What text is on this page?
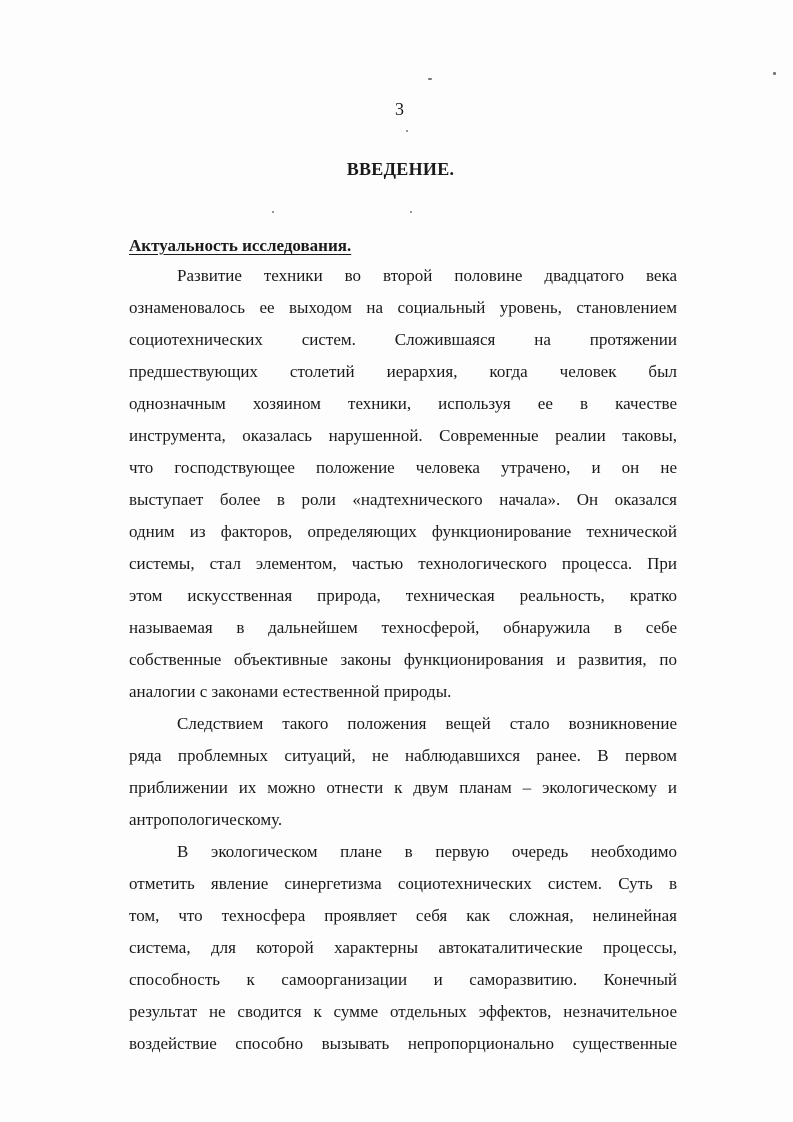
3
ВВЕДЕНИЕ.
Актуальность исследования.
Развитие техники во второй половине двадцатого века
ознаменовалось ее выходом на социальный уровень, становлением
социотехнических систем. Сложившаяся на протяжении
предшествующих столетий иерархия, когда человек был
однозначным хозяином техники, используя ее в качестве
инструмента, оказалась нарушенной. Современные реалии таковы,
что господствующее положение человека утрачено, и он не
выступает более в роли «надтехнического начала». Он оказался
одним из факторов, определяющих функционирование технической
системы, стал элементом, частью технологического процесса. При
этом искусственная природа, техническая реальность, кратко
называемая в дальнейшем техносферой, обнаружила в себе
собственные объективные законы функционирования и развития, по
аналогии с законами естественной природы.
Следствием такого положения вещей стало возникновение
ряда проблемных ситуаций, не наблюдавшихся ранее. В первом
приближении их можно отнести к двум планам – экологическому и
антропологическому.
В экологическом плане в первую очередь необходимо
отметить явление синергетизма социотехнических систем. Суть в
том, что техносфера проявляет себя как сложная, нелинейная
система, для которой характерны автокаталитические процессы,
способность к самоорганизации и саморазвитию. Конечный
результат не сводится к сумме отдельных эффектов, незначительное
воздействие способно вызывать непропорционально существенные
